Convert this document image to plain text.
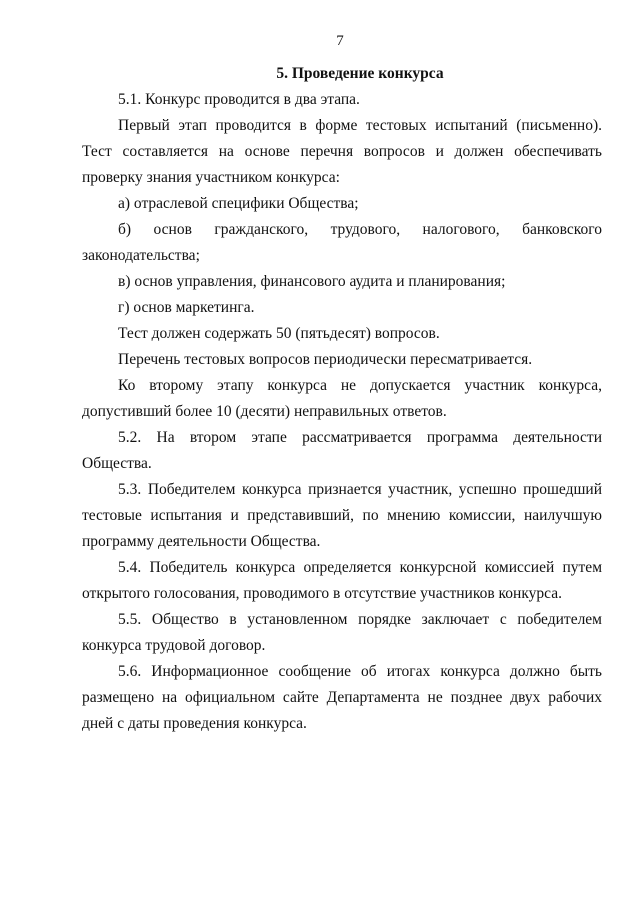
7
5. Проведение конкурса

5.1. Конкурс проводится в два этапа.

Первый этап проводится в форме тестовых испытаний (письменно). Тест составляется на основе перечня вопросов и должен обеспечивать проверку знания участником конкурса:

а) отраслевой специфики Общества;

б) основ гражданского, трудового, налогового, банковского законодательства;

в) основ управления, финансового аудита и планирования;

г) основ маркетинга.

Тест должен содержать 50 (пятьдесят) вопросов.

Перечень тестовых вопросов периодически пересматривается.

Ко второму этапу конкурса не допускается участник конкурса, допустивший более 10 (десяти) неправильных ответов.

5.2. На втором этапе рассматривается программа деятельности Общества.

5.3. Победителем конкурса признается участник, успешно прошедший тестовые испытания и представивший, по мнению комиссии, наилучшую программу деятельности Общества.

5.4. Победитель конкурса определяется конкурсной комиссией путем открытого голосования, проводимого в отсутствие участников конкурса.

5.5. Общество в установленном порядке заключает с победителем конкурса трудовой договор.

5.6. Информационное сообщение об итогах конкурса должно быть размещено на официальном сайте Департамента не позднее двух рабочих дней с даты проведения конкурса.
